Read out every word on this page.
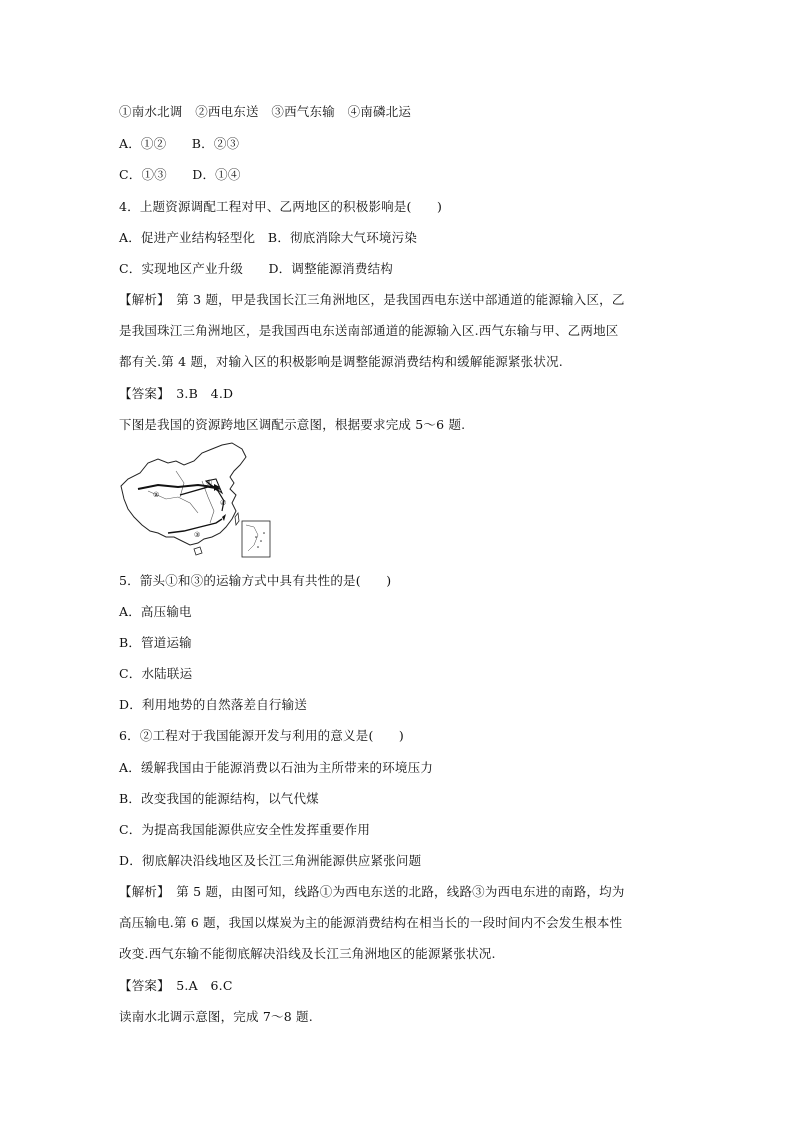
①南水北调　②西电东送　③西气东输　④南磷北运
A．①②　　B．②③
C．①③　　D．①④
4．上题资源调配工程对甲、乙两地区的积极影响是(　　)
A．促进产业结构轻型化　B．彻底消除大气环境污染
C．实现地区产业升级　　D．调整能源消费结构
【解析】　第 3 题，甲是我国长江三角洲地区，是我国西电东送中部通道的能源输入区，乙
是我国珠江三角洲地区，是我国西电东送南部通道的能源输入区.西气东输与甲、乙两地区
都有关.第 4 题，对输入区的积极影响是调整能源消费结构和缓解能源紧张状况.
【答案】　3.B　4.D
下图是我国的资源跨地区调配示意图，根据要求完成 5～6 题.
①
②
③
④
5．箭头①和③的运输方式中具有共性的是(　　)
A．高压输电
B．管道运输
C．水陆联运
D．利用地势的自然落差自行输送
6．②工程对于我国能源开发与利用的意义是(　　)
A．缓解我国由于能源消费以石油为主所带来的环境压力
B．改变我国的能源结构，以气代煤
C．为提高我国能源供应安全性发挥重要作用
D．彻底解决沿线地区及长江三角洲能源供应紧张问题
【解析】　第 5 题，由图可知，线路①为西电东送的北路，线路③为西电东进的南路，均为
高压输电.第 6 题，我国以煤炭为主的能源消费结构在相当长的一段时间内不会发生根本性
改变.西气东输不能彻底解决沿线及长江三角洲地区的能源紧张状况.
【答案】　5.A　6.C
读南水北调示意图，完成 7～8 题.
